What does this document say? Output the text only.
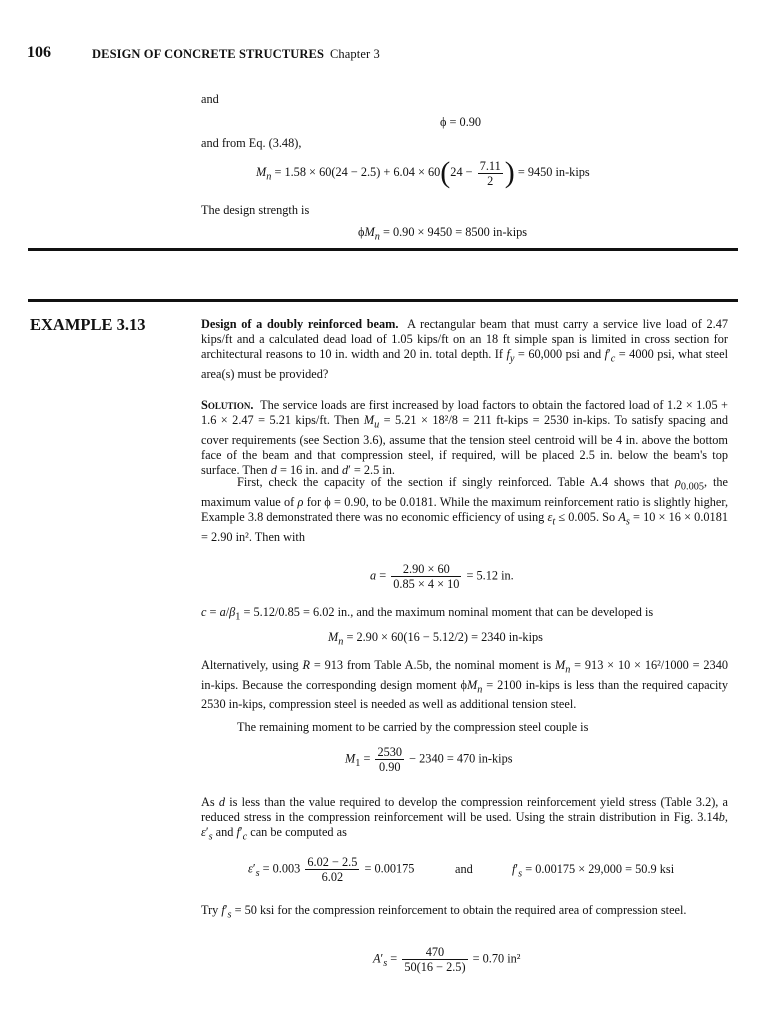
106	DESIGN OF CONCRETE STRUCTURES Chapter 3
and
ϕ = 0.90
and from Eq. (3.48),
$M_n = 1.58 \times 60(24 - 2.5) + 6.04 \times 60(24 - \frac{7.11}{2}$ ) = 9450 in-kips
The design strength is
$\phi M_n = 0.90 \times 9450 = 8500$ in-kips
EXAMPLE 3.13	Design of a doubly reinforced beam. A rectangular beam that must carry a service live load of 2.47 kips/ft and a calculated dead load of 1.05 kips/ft on an 18 ft simple span is limited in cross section for architectural reasons to 10 in. width and 20 in. total depth. If $f_y = 60,000$ psi and $f'_c = 4000$ psi, what steel area(s) must be provided?
Solution. The service loads are first increased by load factors to obtain the factored load of 1.2 × 1.05 + 1.6 × 2.47 = 5.21 kips/ft. Then $M_u = 5.21 \times 18^2/8 = 211$ ft-kips = 2530 in-kips. To satisfy spacing and cover requirements (see Section 3.6), assume that the tension steel centroid will be 4 in. above the bottom face of the beam and that compression steel, if required, will be placed 2.5 in. below the beam's top surface. Then d = 16 in. and d′ = 2.5 in.
First, check the capacity of the section if singly reinforced. Table A.4 shows that $\rho_{0.005}$, the maximum value of ρ for ϕ = 0.90, to be 0.0181. While the maximum reinforcement ratio is slightly higher, Example 3.8 demonstrated there was no economic efficiency of using $\varepsilon_t \le 0.005$. So $A_s = 10 \times 16 \times 0.0181 = 2.90$ in². Then with
$a = \frac{2.90 \times 60}{0.85 \times 4 \times 10} = 5.12$ in.
$c = a/\beta_1 = 5.12/0.85 = 6.02$ in., and the maximum nominal moment that can be developed is
$M_n = 2.90 \times 60(16 - 5.12/2) = 2340$ in-kips
Alternatively, using R = 913 from Table A.5b, the nominal moment is $M_n = 913 \times 10 \times 16^2/1000 = 2340$ in-kips. Because the corresponding design moment $\phi M_n = 2100$ in-kips is less than the required capacity 2530 in-kips, compression steel is needed as well as additional tension steel.
The remaining moment to be carried by the compression steel couple is
$M_1 = \frac{2530}{0.90} - 2340 = 470$ in-kips
As d is less than the value required to develop the compression reinforcement yield stress (Table 3.2), a reduced stress in the compression reinforcement will be used. Using the strain distribution in Fig. 3.14b, $\varepsilon'_s$ and $f'_c$ can be computed as
$\varepsilon'_s = 0.003 \frac{6.02 - 2.5}{6.02} = 0.00175$	and	$f'_s = 0.00175 \times 29,000 = 50.9$ ksi
Try $f'_s = 50$ ksi for the compression reinforcement to obtain the required area of compression steel.
$A'_s = \frac{470}{50(16 - 2.5)} = 0.70$ in²
